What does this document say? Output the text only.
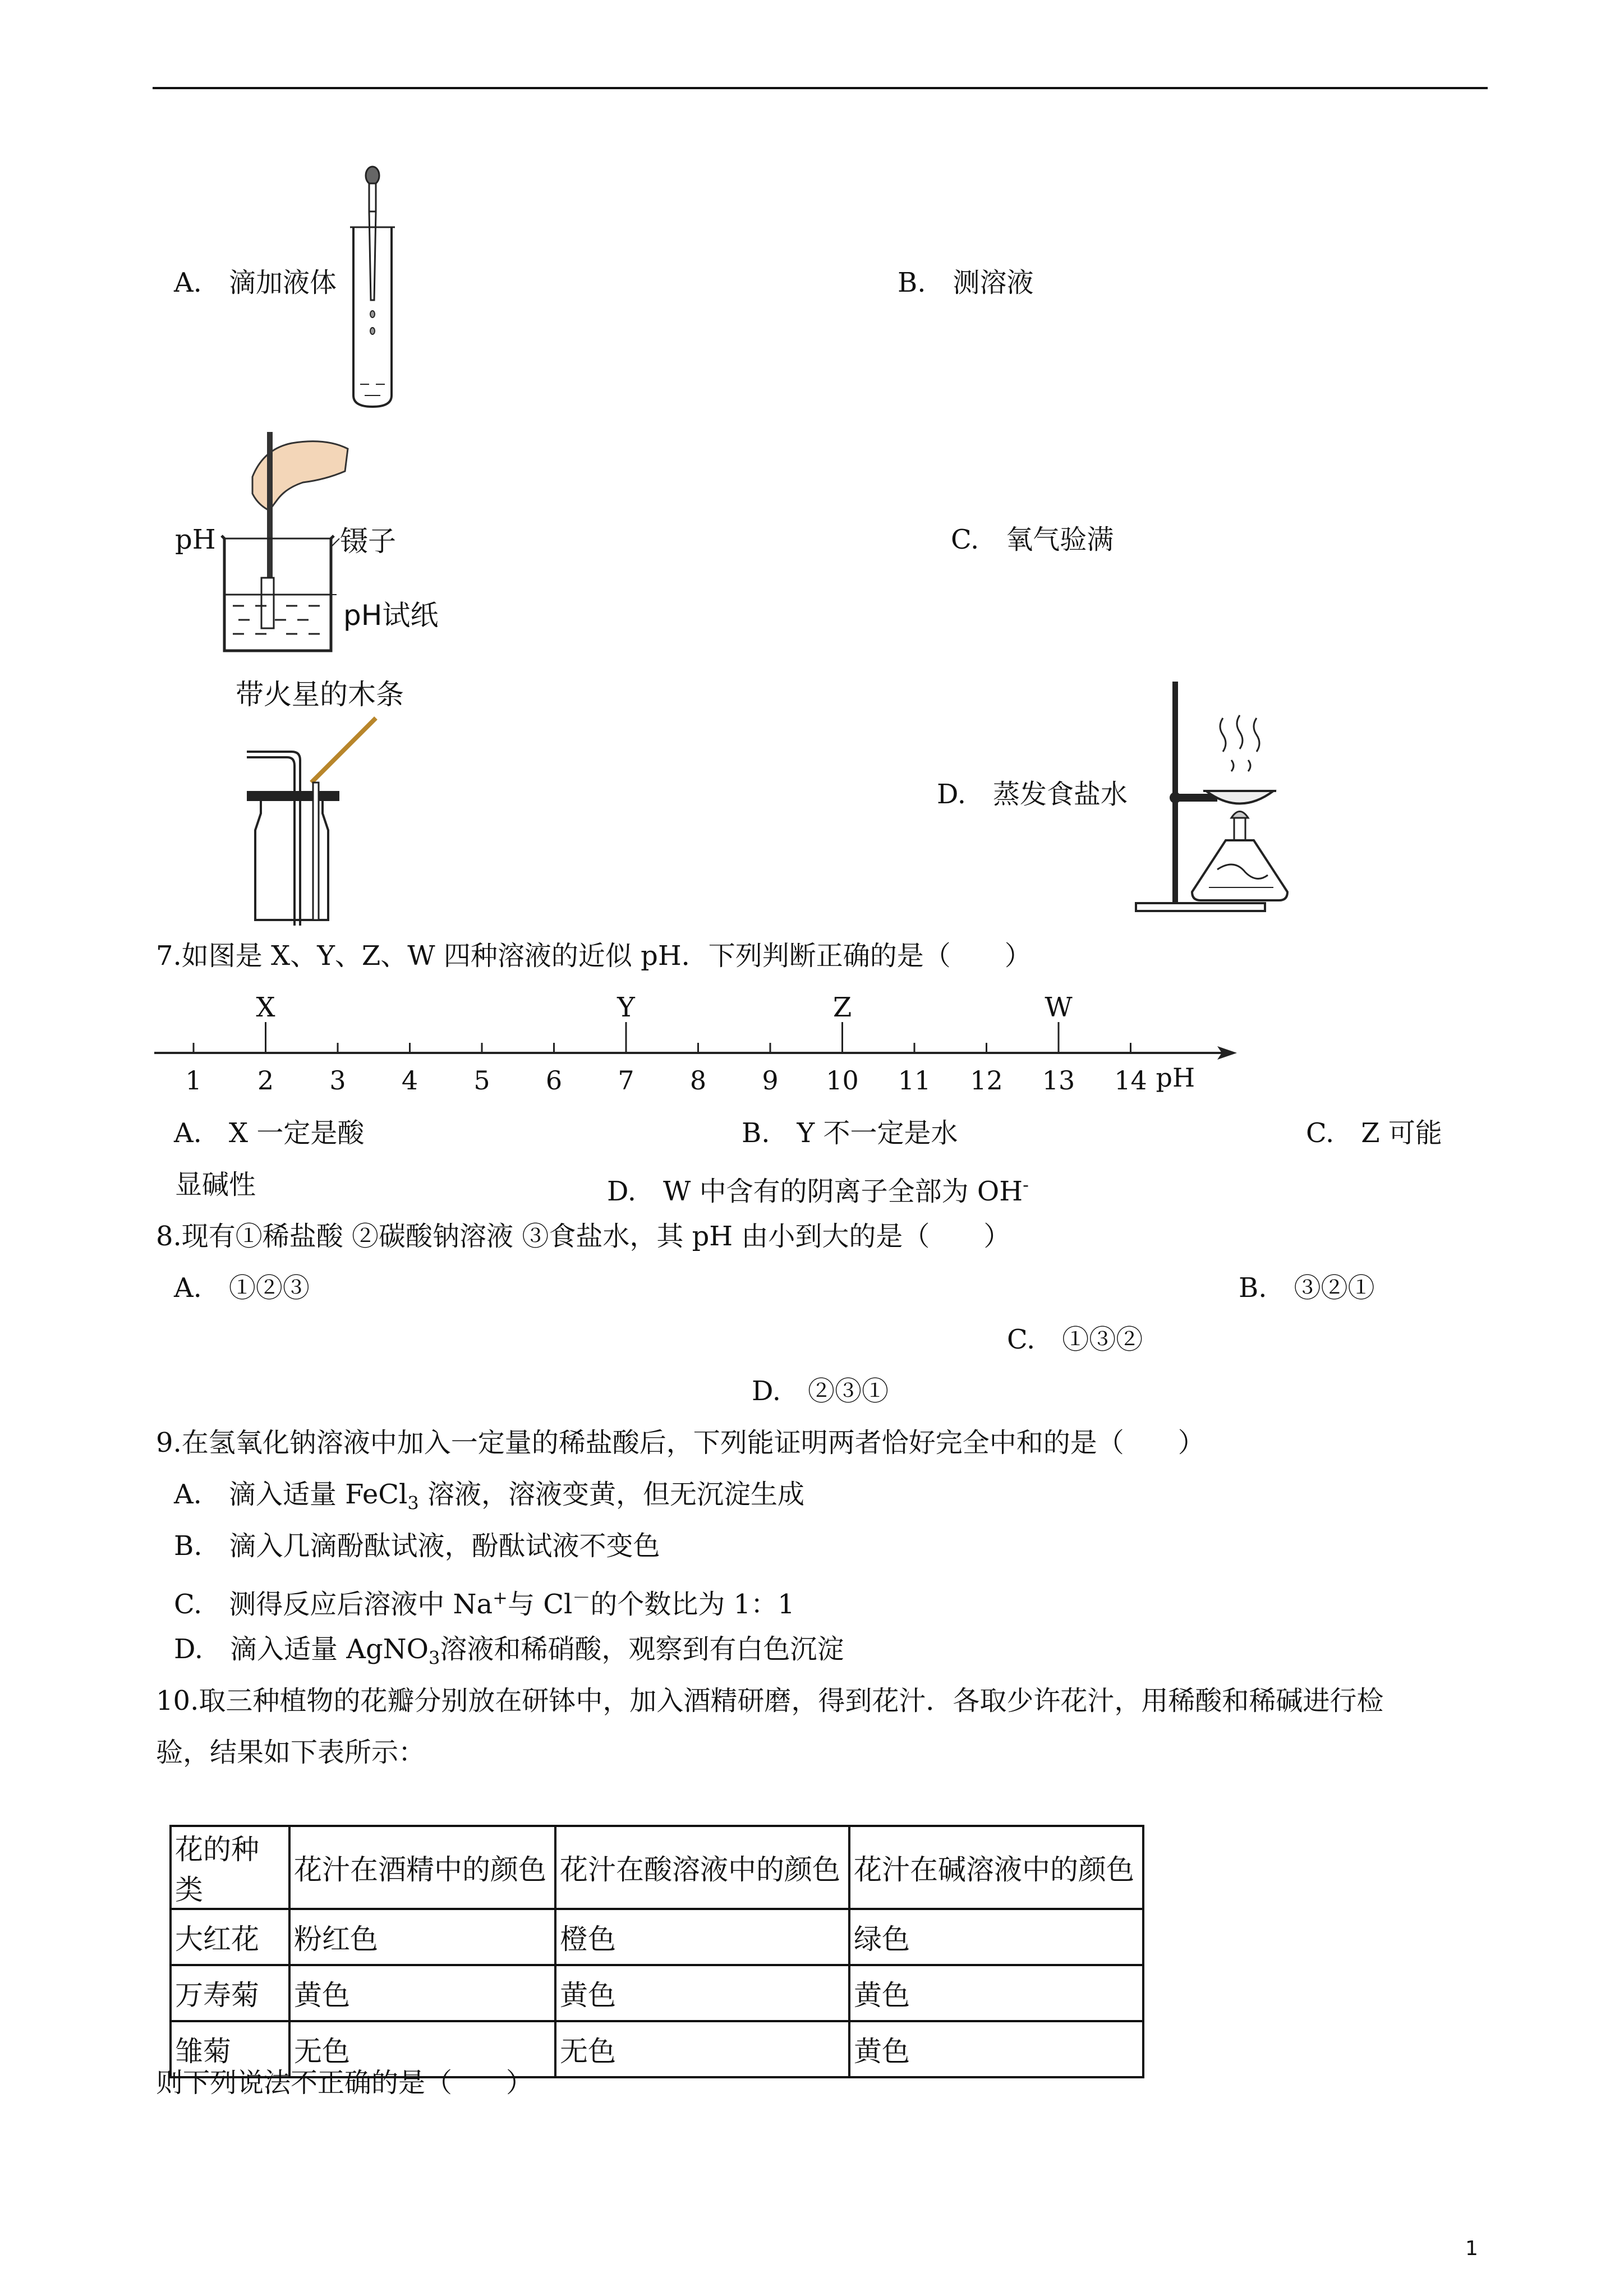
A.　 滴加液体	B.　 测溶液
pH	镊子
pH试纸
C.　 氧气验满
带火星的木条
D.　 蒸发食盐水
7.如图是 X、Y、Z、W 四种溶液的近似 pH．下列判断正确的是（　　）
1 2 3 4 5 6 7 8 9 10 11 12 13 14 pH
X	Y	Z	W
A.　X 一定是酸	B.　Y 不一定是水	C.　Z 可能
显碱性	D.　W 中含有的阴离子全部为 OH-
8.现有①稀盐酸 ②碳酸钠溶液 ③食盐水，其 pH 由小到大的是（　　）
A.　①②③	B.　③②①
C.　①③②
D.　②③①
9.在氢氧化钠溶液中加入一定量的稀盐酸后，下列能证明两者恰好完全中和的是（　　）
A.　滴入适量 FeCl$_3$ 溶液，溶液变黄，但无沉淀生成
B.　滴入几滴酚酞试液，酚酞试液不变色
C.　测得反应后溶液中 Na+与 Cl－的个数比为 1：1
D.　滴入适量 AgNO$_3$溶液和稀硝酸，观察到有白色沉淀
10.取三种植物的花瓣分别放在研钵中，加入酒精研磨，得到花汁．各取少许花汁，用稀酸和稀碱进行检
验，结果如下表所示：
花的种类	花汁在酒精中的颜色	花汁在酸溶液中的颜色	花汁在碱溶液中的颜色
大红花	粉红色	橙色	绿色
万寿菊	黄色	黄色	黄色
雏菊	无色	无色	黄色
则下列说法不正确的是（　　）
1
